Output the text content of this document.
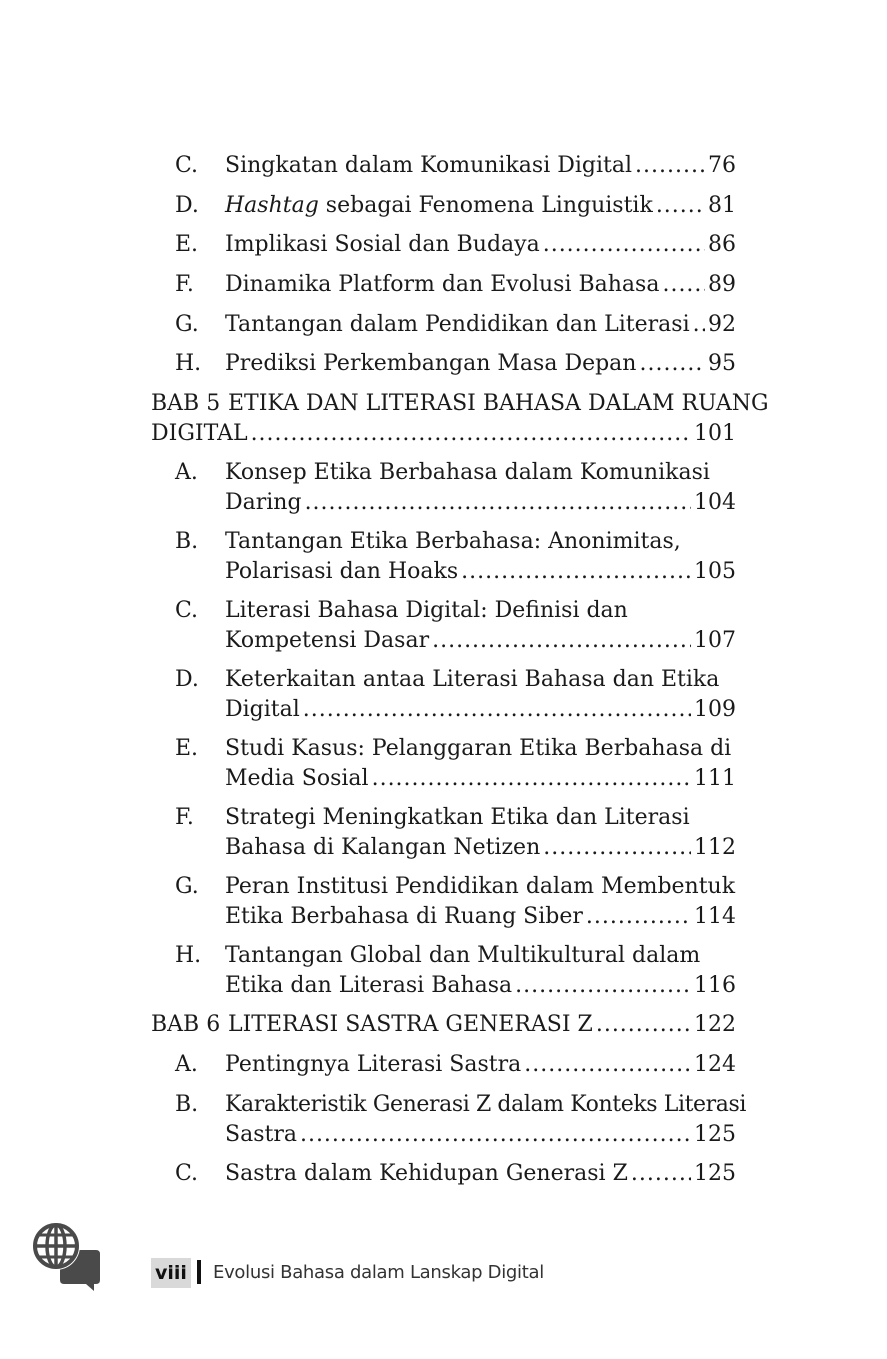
C.	Singkatan dalam Komunikasi Digital .....	76
D.	Hashtag sebagai Fenomena Linguistik .....	81
E.	Implikasi Sosial dan Budaya .....	86
F.	Dinamika Platform dan Evolusi Bahasa ..... 89
G.	Tantangan dalam Pendidikan dan Literasi ..... 92
H.	Prediksi Perkembangan Masa Depan .....	95
BAB 5 ETIKA DAN LITERASI BAHASA DALAM RUANG
DIGITAL .....	101
A.	Konsep Etika Berbahasa dalam Komunikasi
Daring .....	104
B.	Tantangan Etika Berbahasa: Anonimitas,
Polarisasi dan Hoaks .....	105
C.	Literasi Bahasa Digital: Definisi dan
Kompetensi Dasar .....	107
D.	Keterkaitan antaa Literasi Bahasa dan Etika
Digital .....	109
E.	Studi Kasus: Pelanggaran Etika Berbahasa di
Media Sosial .....	111
F.	Strategi Meningkatkan Etika dan Literasi
Bahasa di Kalangan Netizen .....	112
G.	Peran Institusi Pendidikan dalam Membentuk
Etika Berbahasa di Ruang Siber .....	114
H.	Tantangan Global dan Multikultural dalam
Etika dan Literasi Bahasa .....	116
BAB 6 LITERASI SASTRA GENERASI Z .....	122
A.	Pentingnya Literasi Sastra .....	124
B.	Karakteristik Generasi Z dalam Konteks Literasi
Sastra .....	125
C.	Sastra dalam Kehidupan Generasi Z .....	125
viii Evolusi Bahasa dalam Lanskap Digital
